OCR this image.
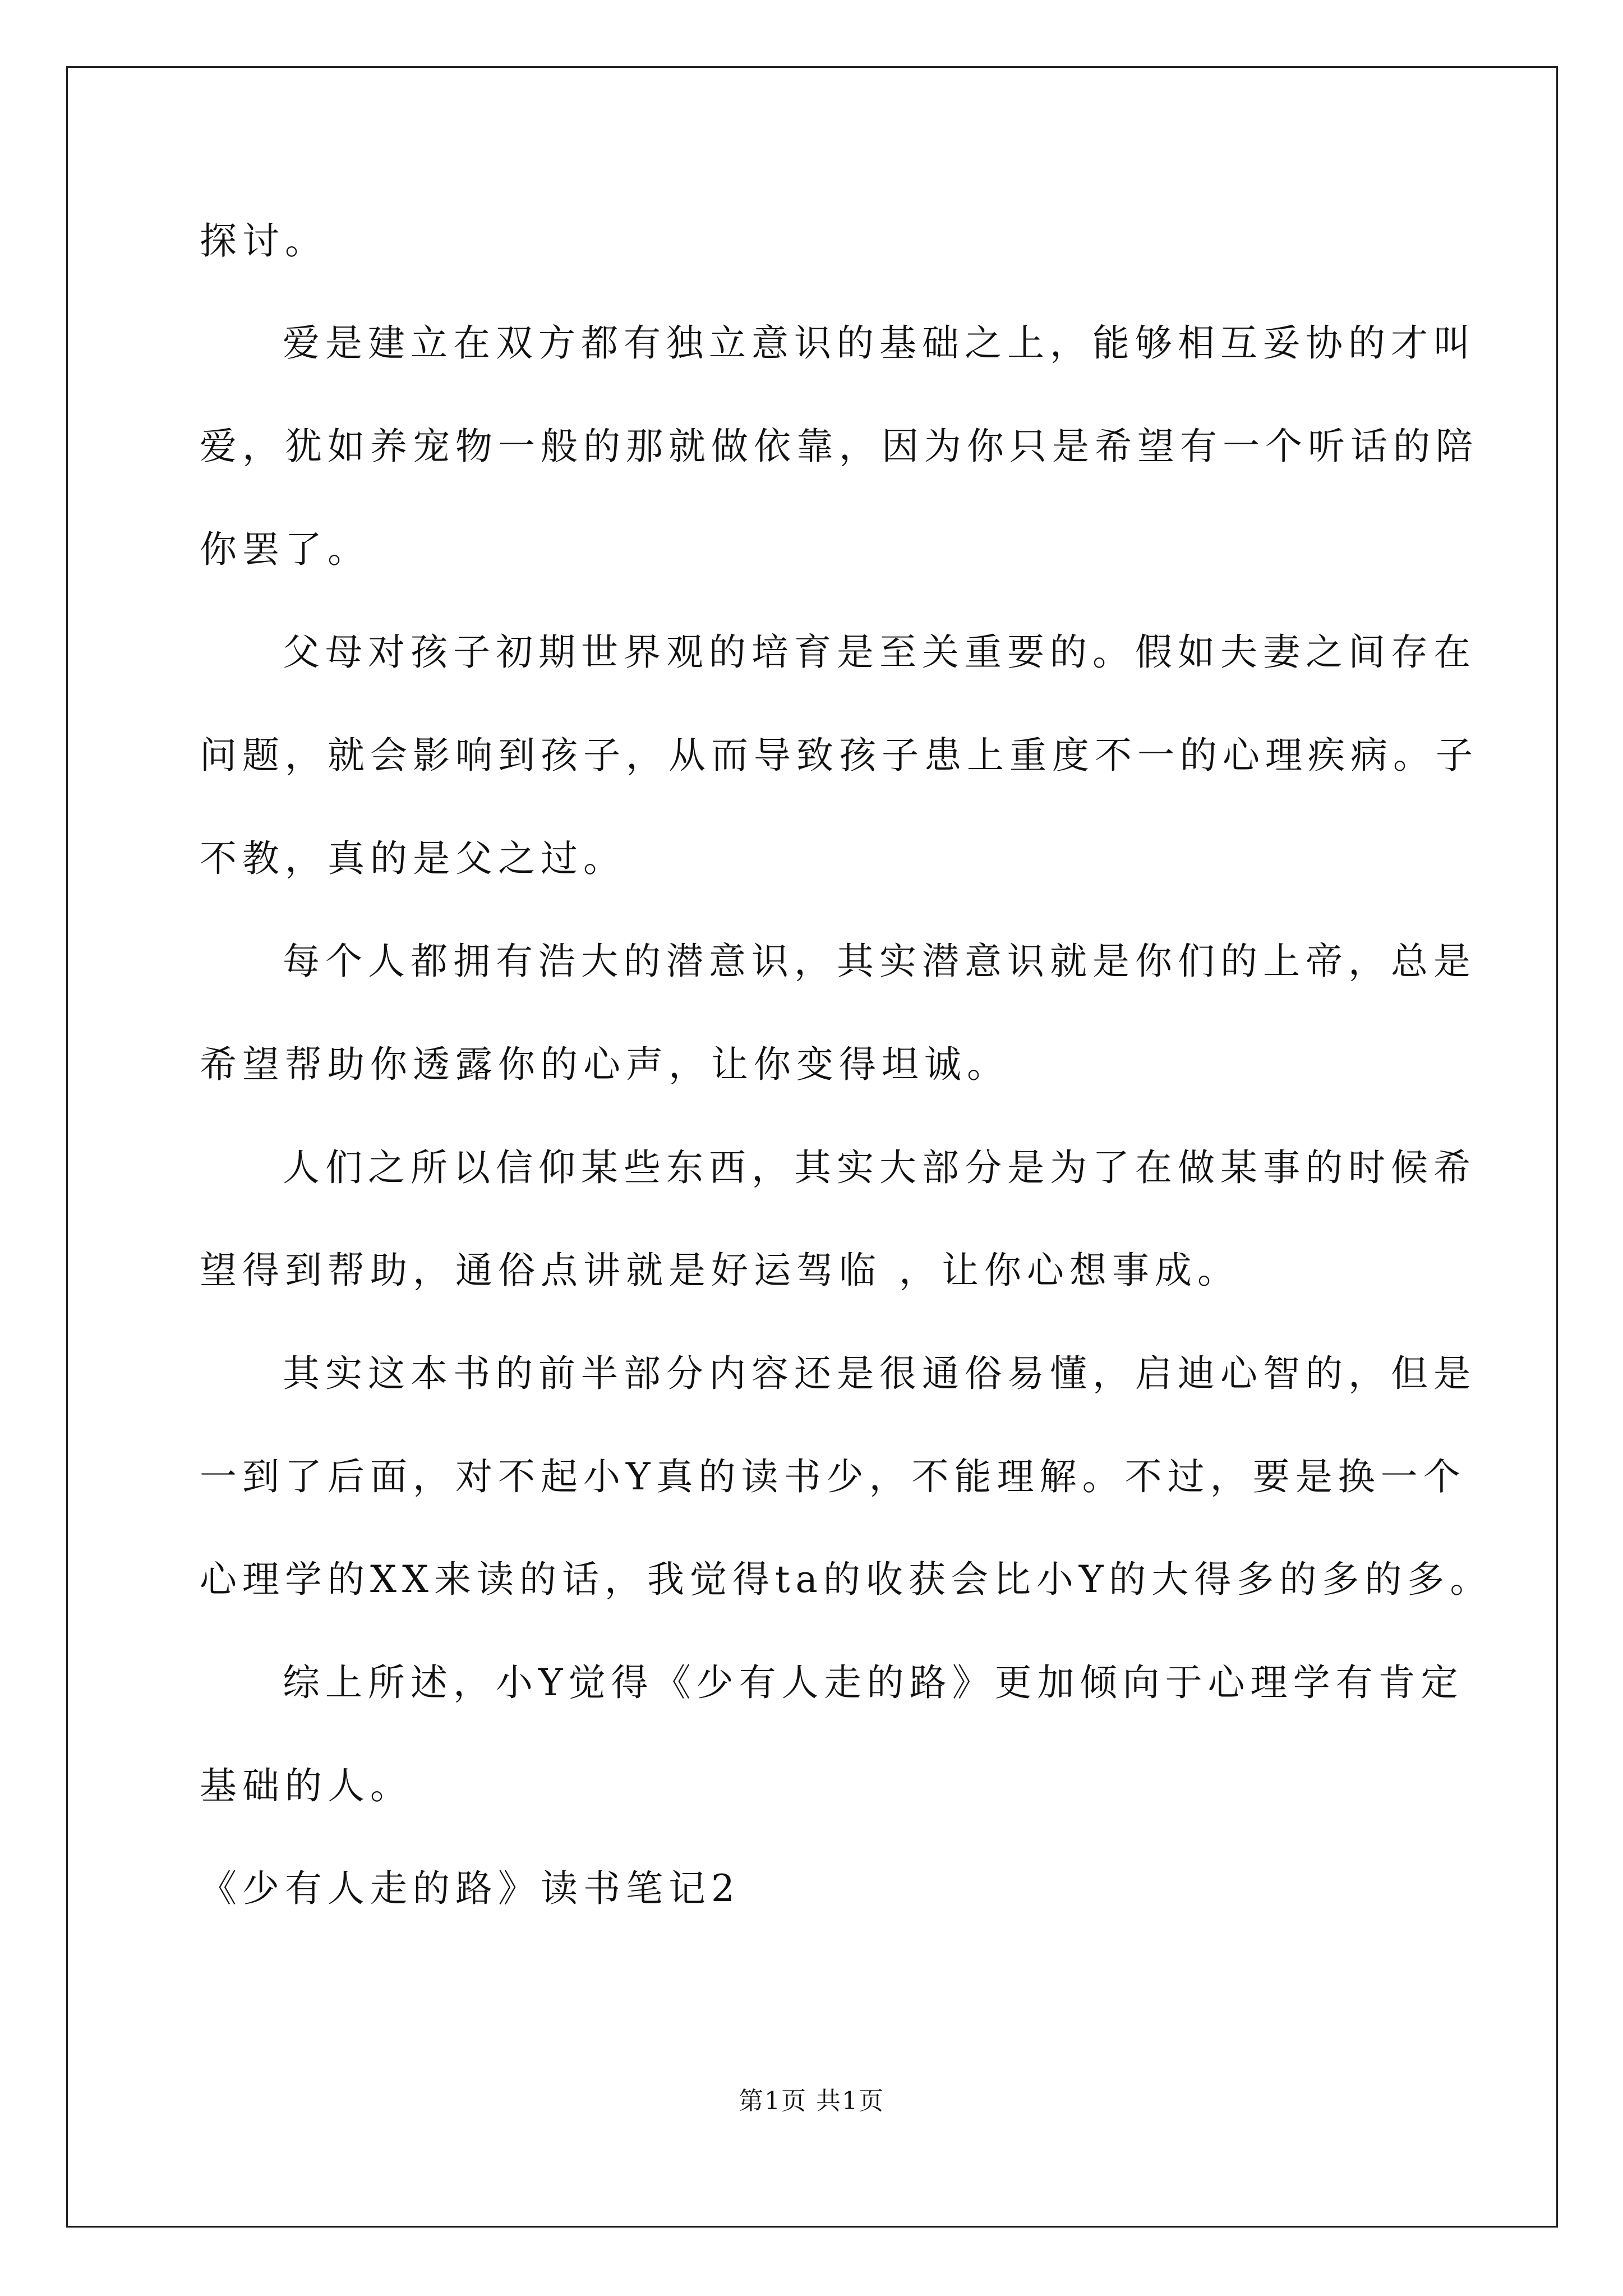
探讨。
爱是建立在双方都有独立意识的基础之上，能够相互妥协的才叫
爱，犹如养宠物一般的那就做依靠，因为你只是希望有一个听话的陪
你罢了。
父母对孩子初期世界观的培育是至关重要的。假如夫妻之间存在
问题，就会影响到孩子，从而导致孩子患上重度不一的心理疾病。子
不教，真的是父之过。
每个人都拥有浩大的潜意识，其实潜意识就是你们的上帝，总是
希望帮助你透露你的心声，让你变得坦诚。
人们之所以信仰某些东西，其实大部分是为了在做某事的时候希
望得到帮助，通俗点讲就是好运驾临 ，让你心想事成。
其实这本书的前半部分内容还是很通俗易懂，启迪心智的，但是
一到了后面，对不起小Y真的读书少，不能理解。不过，要是换一个
心理学的XX来读的话，我觉得ta的收获会比小Y的大得多的多的多。
综上所述，小Y觉得《少有人走的路》更加倾向于心理学有肯定
基础的人。
《少有人走的路》读书笔记2
第1页 共1页
